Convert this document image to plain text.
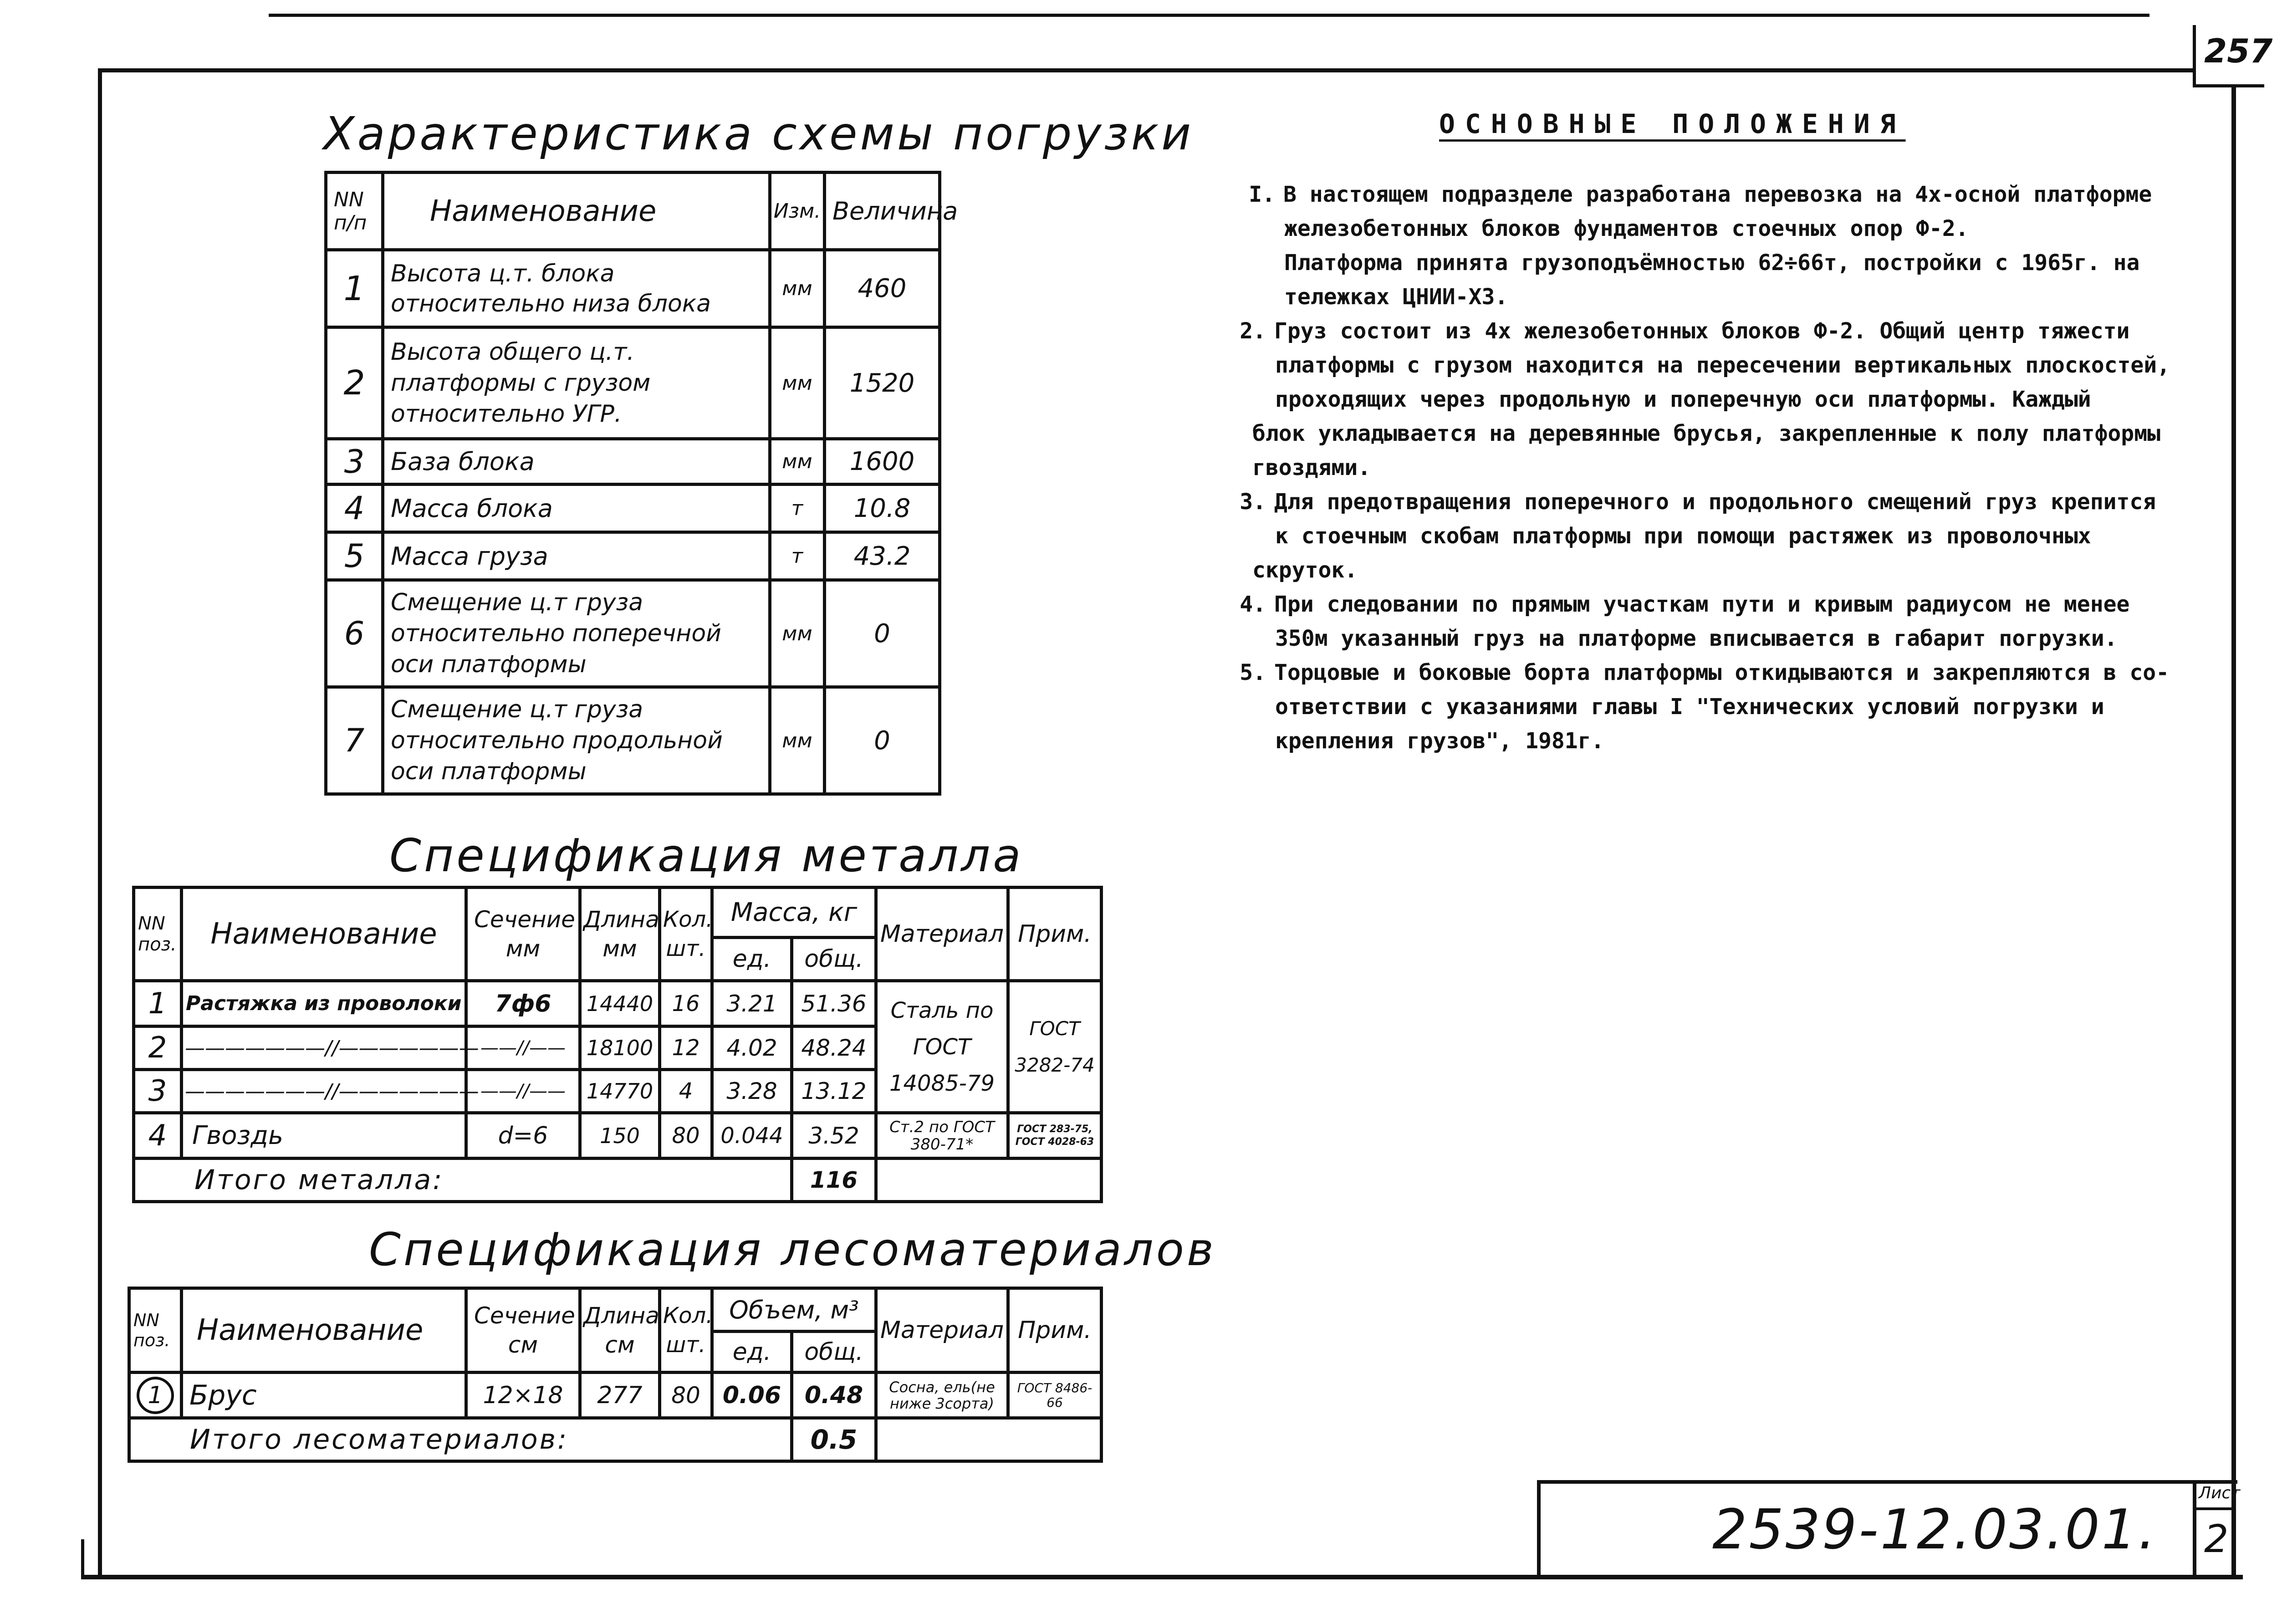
257
Характеристика схемы погрузки
NN п/п	Наименование	Изм.	Величина
1	Высота ц.т. блока относительно низа блока	мм	460
2	Высота общего ц.т. платформы с грузом относительно УГР.	мм	1520
3	База блока	мм	1600
4	Масса блока	т	10.8
5	Масса груза	т	43.2
6	Смещение ц.т груза относительно поперечной оси платформы	мм	0
7	Смещение ц.т груза относительно продольной оси платформы	мм	0
Спецификация металла
NN поз.	Наименование	Сечение мм	Длина мм	Кол. шт.	Масса, кг		Материал	Прим.
					ед.	общ.		
1	Растяжка из проволоки	7ф6	14440	16	3.21	51.36	Сталь по ГОСТ 14085-79	ГОСТ 3282-74
2	———————//———————	——//——	18100	12	4.02	48.24		
3	———————//———————	——//——	14770	4	3.28	13.12		
4	Гвоздь	d=6	150	80	0.044	3.52	Ст.2 по ГОСТ 380-71*	ГОСТ 283-75, ГОСТ 4028-63
Итого металла:						116		
Спецификация лесоматериалов
NN поз.	Наименование	Сечение см	Длина см	Кол. шт.	Объем, м³		Материал	Прим.
					ед.	общ.		
1	Брус	12×18	277	80	0.06	0.48	Сосна, ель(не ниже 3сорта)	ГОСТ 8486-66
Итого лесоматериалов:						0.5		
ОСНОВНЫЕ ПОЛОЖЕНИЯ
I. В настоящем подразделе разработана перевозка на 4х-осной платформе
железобетонных блоков фундаментов стоечных опор Ф-2.
Платформа принята грузоподъёмностью 62÷66т, постройки с 1965г. на
тележках ЦНИИ-Х3.
2. Груз состоит из 4х железобетонных блоков Ф-2. Общий центр тяжести
платформы с грузом находится на пересечении вертикальных плоскостей,
проходящих через продольную и поперечную оси платформы. Каждый
блок укладывается на деревянные брусья, закрепленные к полу платформы
гвоздями.
3. Для предотвращения поперечного и продольного смещений груз крепится
к стоечным скобам платформы при помощи растяжек из проволочных
скруток.
4. При следовании по прямым участкам пути и кривым радиусом не менее
350м указанный груз на платформе вписывается в габарит погрузки.
5. Торцовые и боковые борта платформы откидываются и закрепляются в со-
ответствии с указаниями главы I "Технических условий погрузки и
крепления грузов", 1981г.
2539-12.03.01.
Лист
2
